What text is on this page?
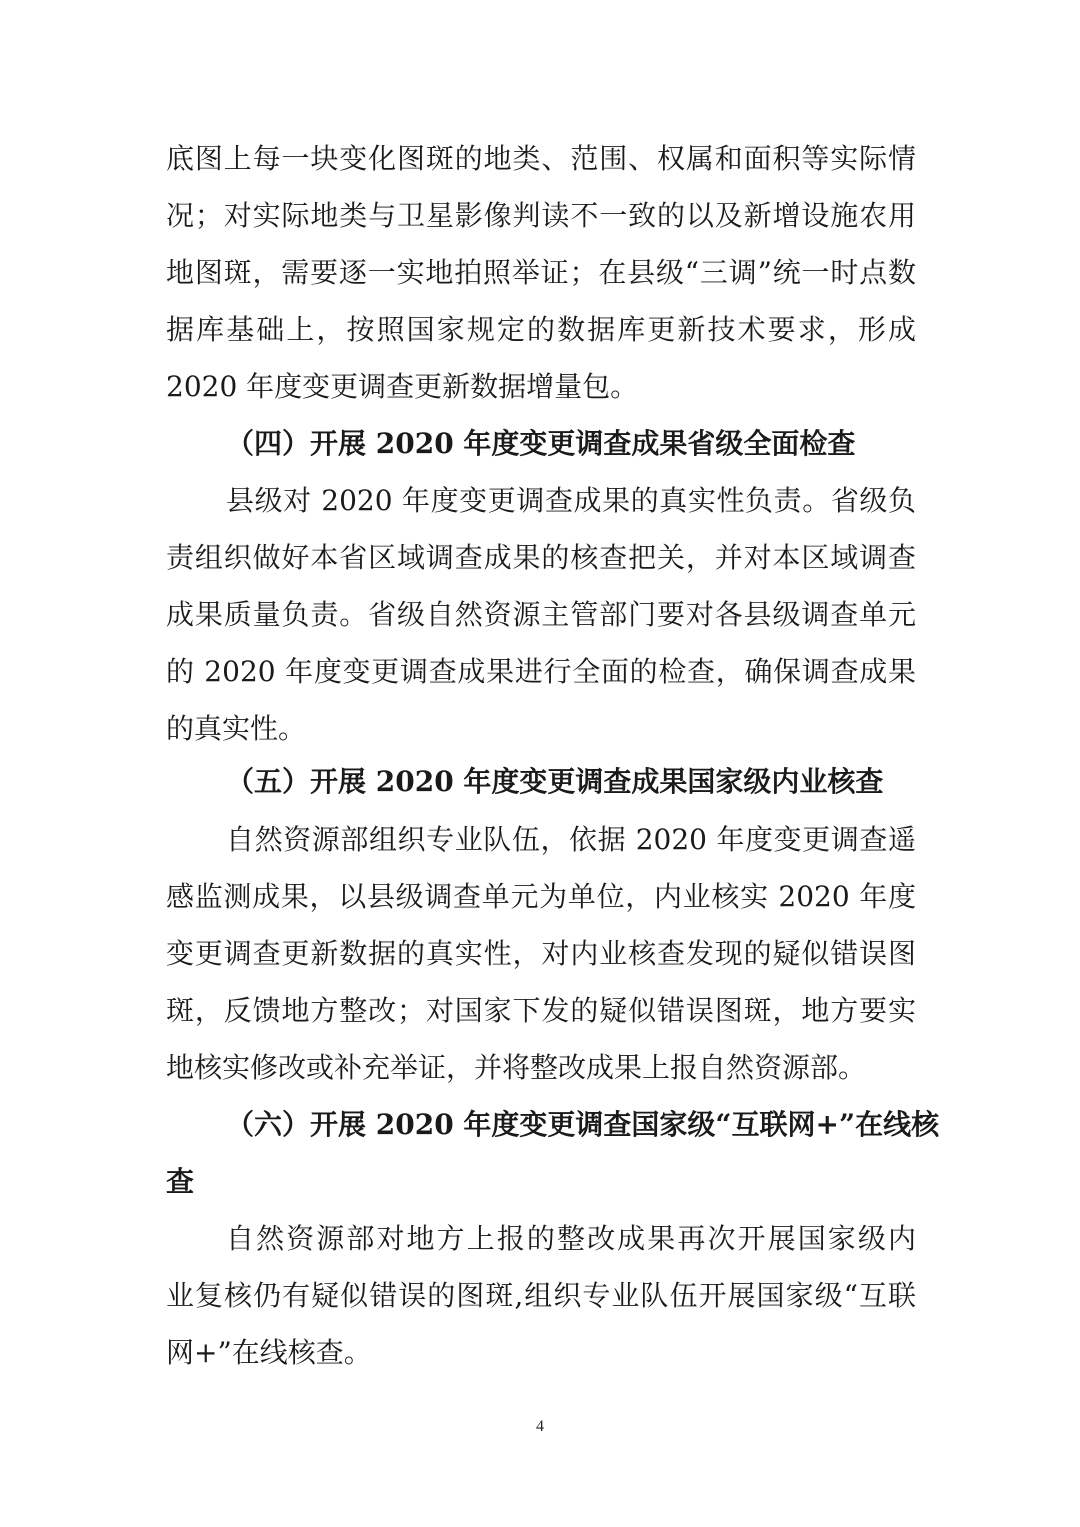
底图上每一块变化图斑的地类、范围、权属和面积等实际情
况；对实际地类与卫星影像判读不一致的以及新增设施农用
地图斑，需要逐一实地拍照举证；在县级“三调”统一时点数
据库基础上，按照国家规定的数据库更新技术要求，形成
2020 年度变更调查更新数据增量包。
（四）开展 2020 年度变更调查成果省级全面检查
县级对 2020 年度变更调查成果的真实性负责。省级负
责组织做好本省区域调查成果的核查把关，并对本区域调查
成果质量负责。省级自然资源主管部门要对各县级调查单元
的 2020 年度变更调查成果进行全面的检查，确保调查成果
的真实性。
（五）开展 2020 年度变更调查成果国家级内业核查
自然资源部组织专业队伍，依据 2020 年度变更调查遥
感监测成果，以县级调查单元为单位，内业核实 2020 年度
变更调查更新数据的真实性，对内业核查发现的疑似错误图
斑，反馈地方整改；对国家下发的疑似错误图斑，地方要实
地核实修改或补充举证，并将整改成果上报自然资源部。
（六）开展 2020 年度变更调查国家级“互联网+”在线核
查
自然资源部对地方上报的整改成果再次开展国家级内
业复核仍有疑似错误的图斑,组织专业队伍开展国家级“互联
网+”在线核查。
4
